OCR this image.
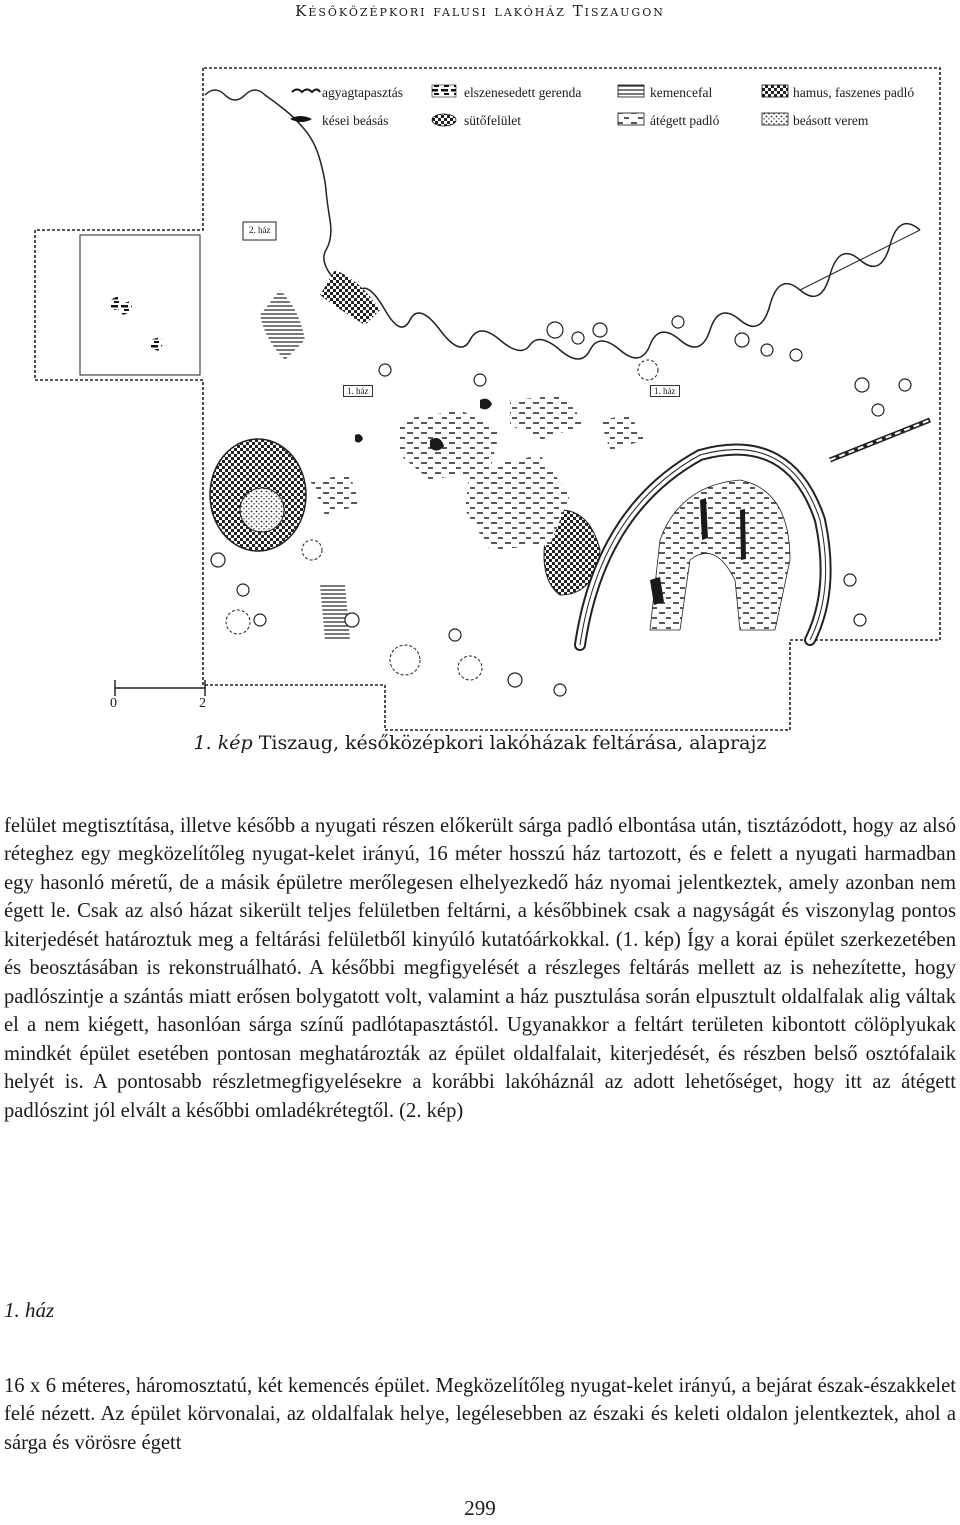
Későközépkori falusi lakóház Tiszaugon
agyagtapasztás	elszenesedett gerenda	kemencefal	hamus, faszenes padló
kései beásás	sütőfelület	átégett padló	beásott verem
2. ház
1. ház	1. ház
0	2
1. kép Tiszaug, későközépkori lakóházak feltárása, alaprajz

felület megtisztítása, illetve később a nyugati részen előkerült sárga padló elbontása után, tisztázódott, hogy az alsó réteghez egy megközelítőleg nyugat-kelet irányú, 16 méter hosszú ház tartozott, és e felett a nyugati harmadban egy hasonló méretű, de a másik épületre merőlegesen elhelyezkedő ház nyomai jelentkeztek, amely azonban nem égett le. Csak az alsó házat sikerült teljes felületben feltárni, a későbbinek csak a nagyságát és viszonylag pontos kiterjedését határoztuk meg a feltárási felületből kinyúló kutatóárkokkal. (1. kép) Így a korai épület szerkezetében és beosztásában is rekonstruálható. A későbbi megfigyelését a részleges feltárás mellett az is nehezítette, hogy padlószintje a szántás miatt erősen bolygatott volt, valamint a ház pusztulása során elpusztult oldalfalak alig váltak el a nem kiégett, hasonlóan sárga színű padlótapasztástól. Ugyanakkor a feltárt területen kibontott cölöplyukak mindkét épület esetében pontosan meghatározták az épület oldalfalait, kiterjedését, és részben belső osztófalaik helyét is. A pontosabb részletmegfigyelésekre a korábbi lakóháznál az adott lehetőséget, hogy itt az átégett padlószint jól elvált a későbbi omladékrétegtől. (2. kép)

1. ház

16 x 6 méteres, háromosztatú, két kemencés épület. Megközelítőleg nyugat-kelet irányú, a bejárat észak-északkelet felé nézett. Az épület körvonalai, az oldalfalak helye, legélesebben az északi és keleti oldalon jelentkeztek, ahol a sárga és vörösre égett

299
